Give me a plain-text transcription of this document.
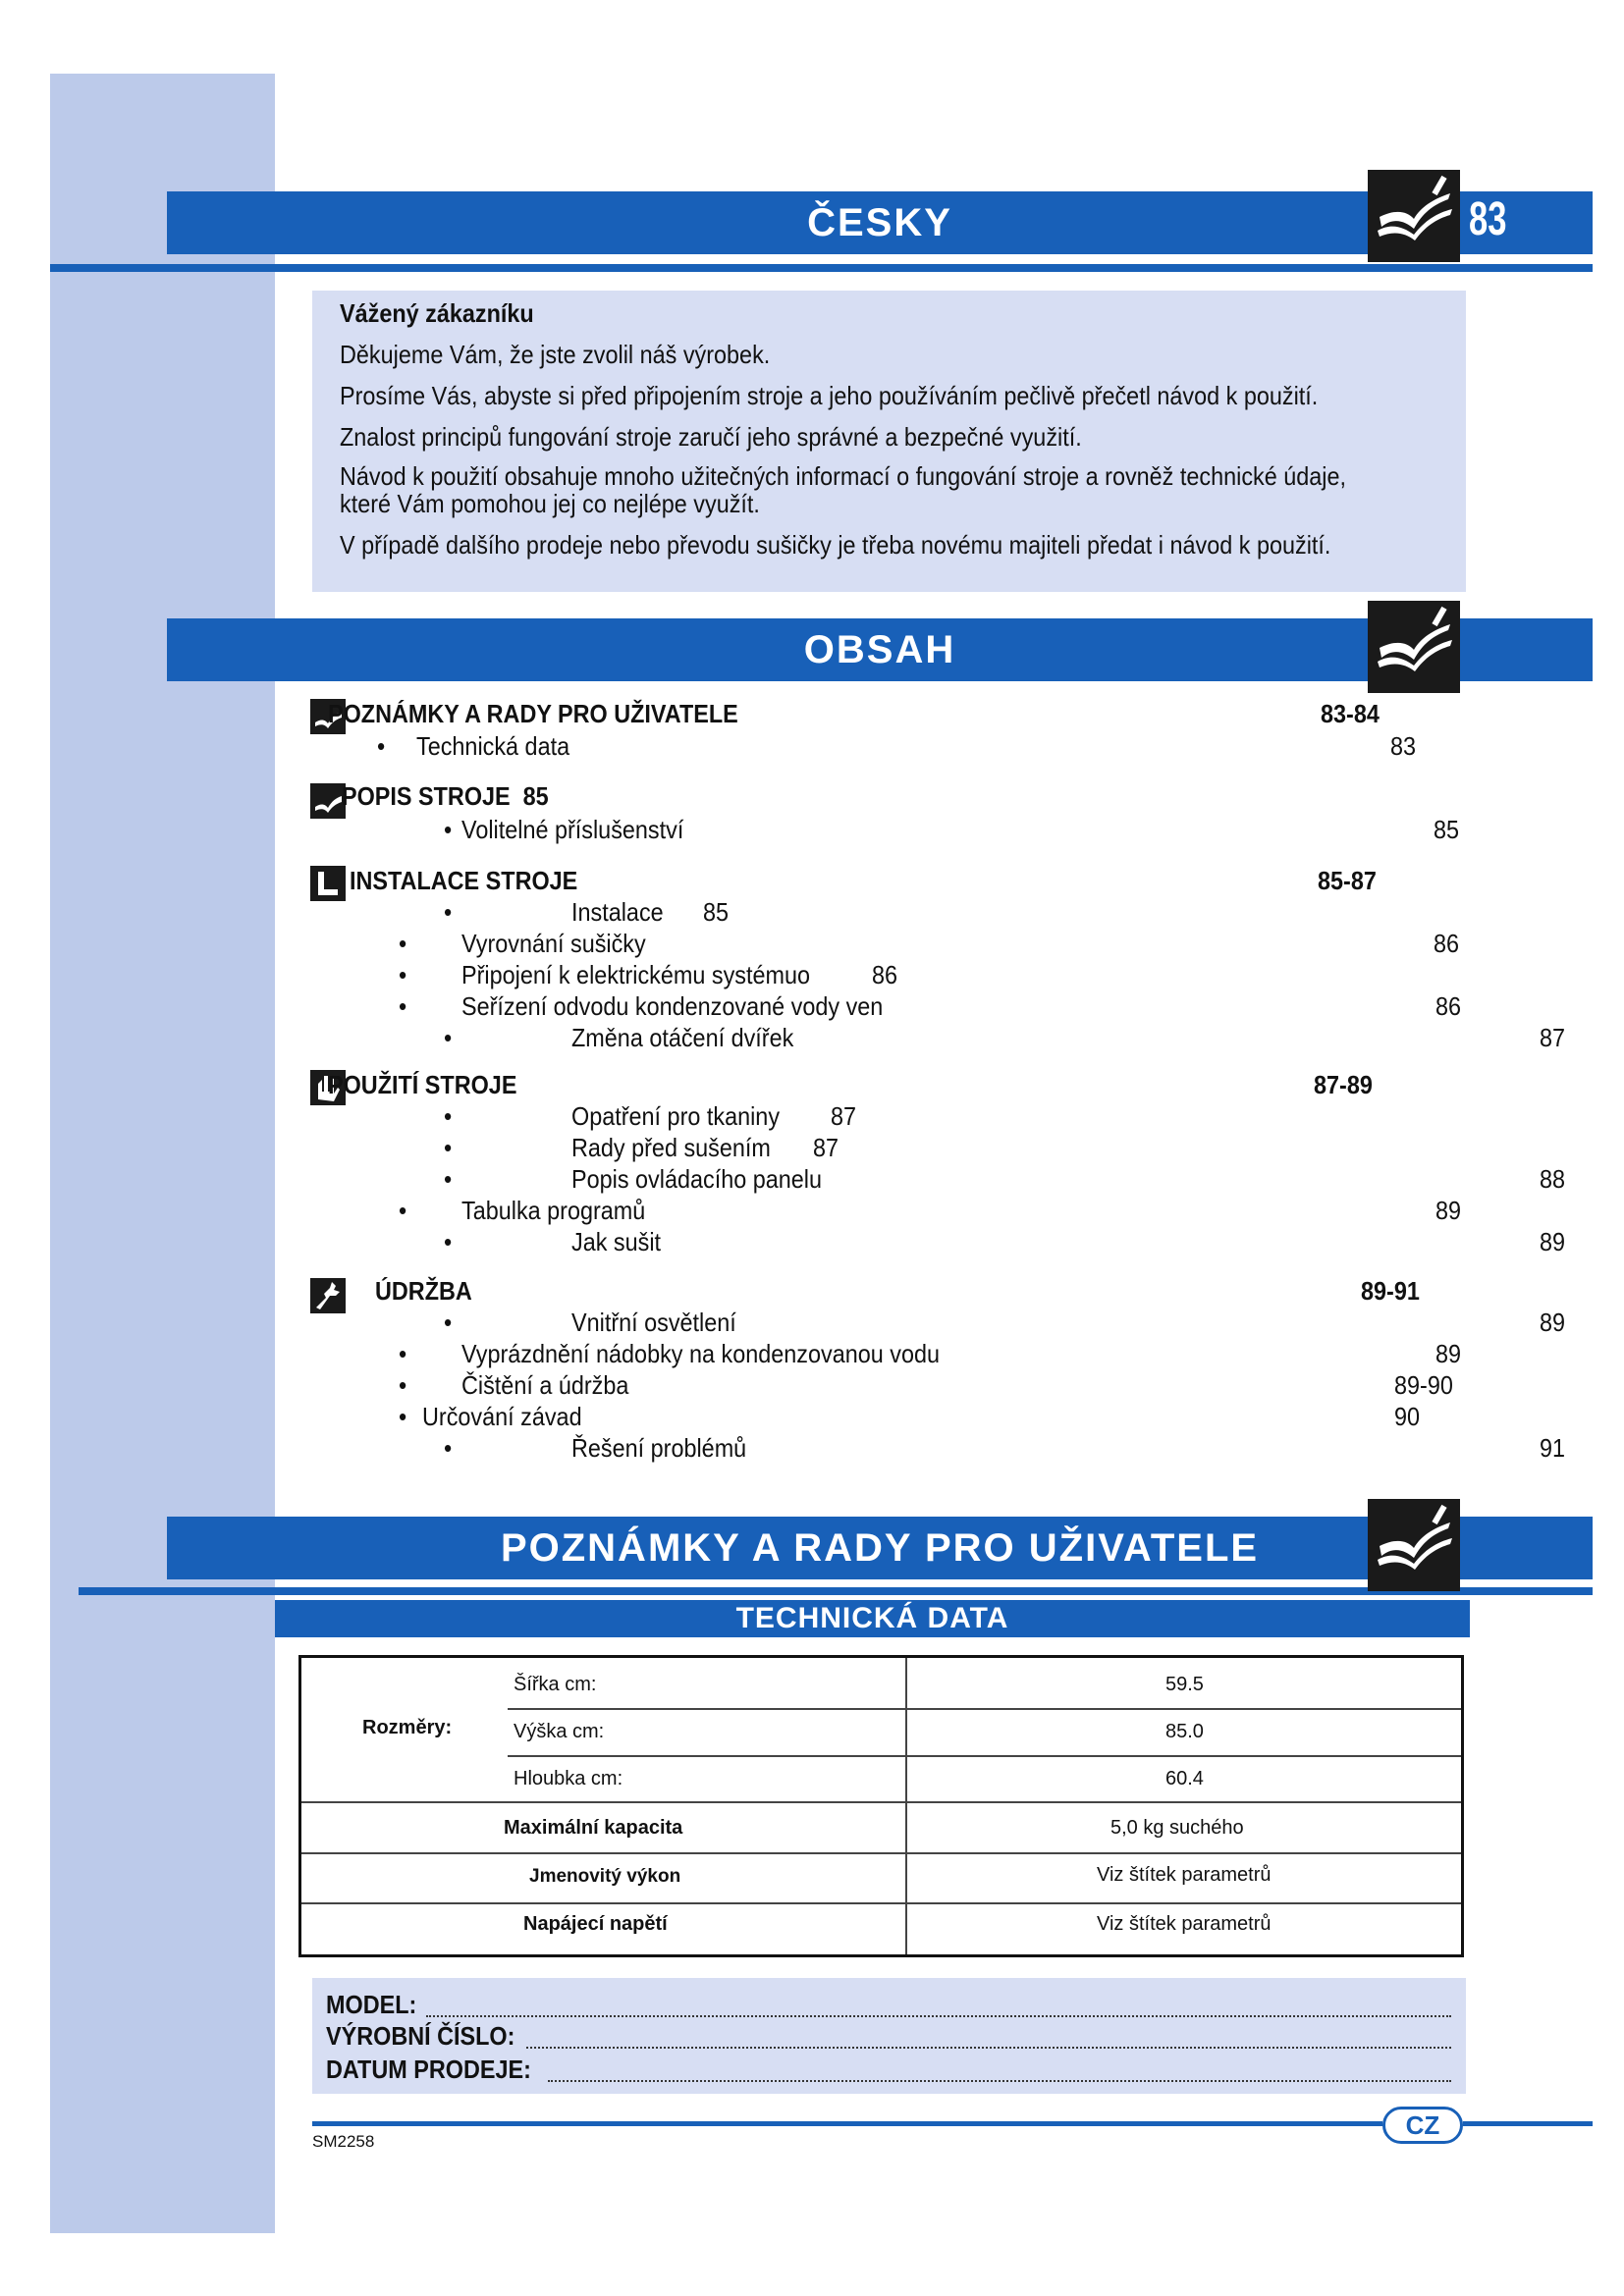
ČESKY	83

Vážený zákazníku

Děkujeme Vám, že jste zvolil náš výrobek.

Prosíme Vás, abyste si před připojením stroje a jeho používáním pečlivě přečetl návod k použití.

Znalost principů fungování stroje zaručí jeho správné a bezpečné využití.

Návod k použití obsahuje mnoho užitečných informací o fungování stroje a rovněž technické údaje,

které Vám pomohou jej co nejlépe využít.

V případě dalšího prodeje nebo převodu sušičky je třeba novému majiteli předat i návod k použití.

OBSAH
POZNÁMKY A RADY PRO UŽIVATELE	83-84
• Technická data	83
POPIS STROJE 85
• Volitelné příslušenství	85
INSTALACE STROJE	85-87
•	Instalace 85
• Vyrovnání sušičky	86
• Připojení k elektrickému systémuo 86
• Seřízení odvodu kondenzované vody ven	86
•	Změna otáčení dvířek	87
POUŽITÍ STROJE	87-89
•	Opatření pro tkaniny 87
•	Rady před sušením 87
•	Popis ovládacího panelu	88
• Tabulka programů	89
•	Jak sušit	89
ÚDRŽBA	89-91
•	Vnitřní osvětlení	89
• Vyprázdnění nádobky na kondenzovanou vodu	89
• Čištění a údržba	89-90
• Určování závad	90
•	Řešení problémů	91
POZNÁMKY A RADY PRO UŽIVATELE
TECHNICKÁ DATA
Rozměry:
Šířka cm:	59.5
Výška cm:	85.0
Hloubka cm:	60.4
Maximální kapacita	5,0 kg suchého
Jmenovitý výkon	Viz štítek parametrů
Napájecí napětí	Viz štítek parametrů
MODEL:
VÝROBNÍ ČÍSLO:
DATUM PRODEJE:
SM2258
CZ
